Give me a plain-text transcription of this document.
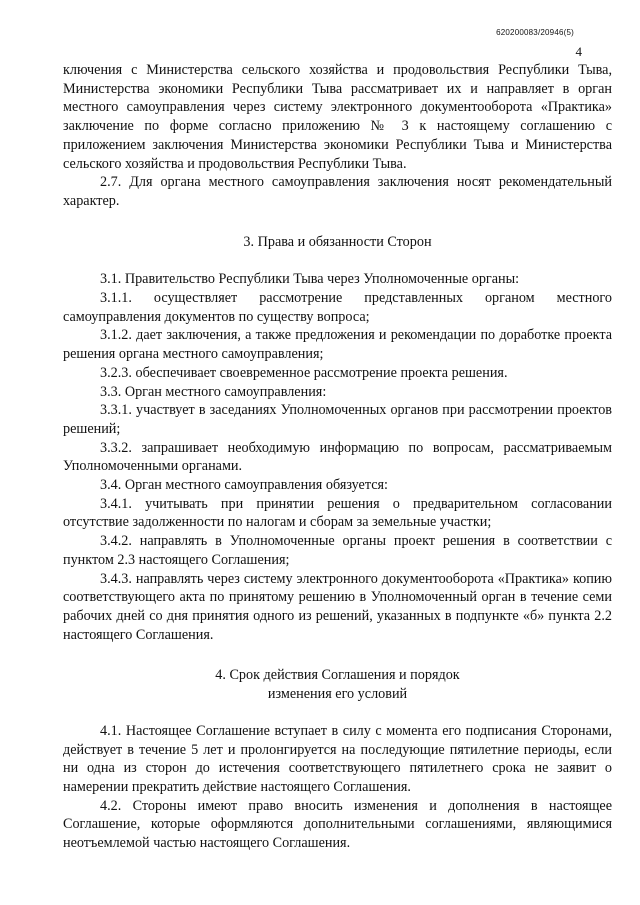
620200083/20946(5)
4

ключения с Министерства сельского хозяйства и продовольствия Республики Тыва, Министерства экономики Республики Тыва рассматривает их и направляет в орган местного самоуправления через систему электронного документооборота «Практика» заключение по форме согласно приложению № 3 к настоящему соглашению с приложением заключения Министерства экономики Республики Тыва и Министерства сельского хозяйства и продовольствия Республики Тыва.

2.7. Для органа местного самоуправления заключения носят рекомендательный характер.

3. Права и обязанности Сторон

3.1. Правительство Республики Тыва через Уполномоченные органы:

3.1.1. осуществляет рассмотрение представленных органом местного самоуправления документов по существу вопроса;

3.1.2. дает заключения, а также предложения и рекомендации по доработке проекта решения органа местного самоуправления;

3.2.3. обеспечивает своевременное рассмотрение проекта решения.

3.3. Орган местного самоуправления:

3.3.1. участвует в заседаниях Уполномоченных органов при рассмотрении проектов решений;

3.3.2. запрашивает необходимую информацию по вопросам, рассматриваемым Уполномоченными органами.

3.4. Орган местного самоуправления обязуется:

3.4.1. учитывать при принятии решения о предварительном согласовании отсутствие задолженности по налогам и сборам за земельные участки;

3.4.2. направлять в Уполномоченные органы проект решения в соответствии с пунктом 2.3 настоящего Соглашения;

3.4.3. направлять через систему электронного документооборота «Практика» копию соответствующего акта по принятому решению в Уполномоченный орган в течение семи рабочих дней со дня принятия одного из решений, указанных в подпункте «б» пункта 2.2 настоящего Соглашения.

4. Срок действия Соглашения и порядок

изменения его условий

4.1. Настоящее Соглашение вступает в силу с момента его подписания Сторонами, действует в течение 5 лет и пролонгируется на последующие пятилетние периоды, если ни одна из сторон до истечения соответствующего пятилетнего срока не заявит о намерении прекратить действие настоящего Соглашения.

4.2. Стороны имеют право вносить изменения и дополнения в настоящее Соглашение, которые оформляются дополнительными соглашениями, являющимися неотъемлемой частью настоящего Соглашения.
